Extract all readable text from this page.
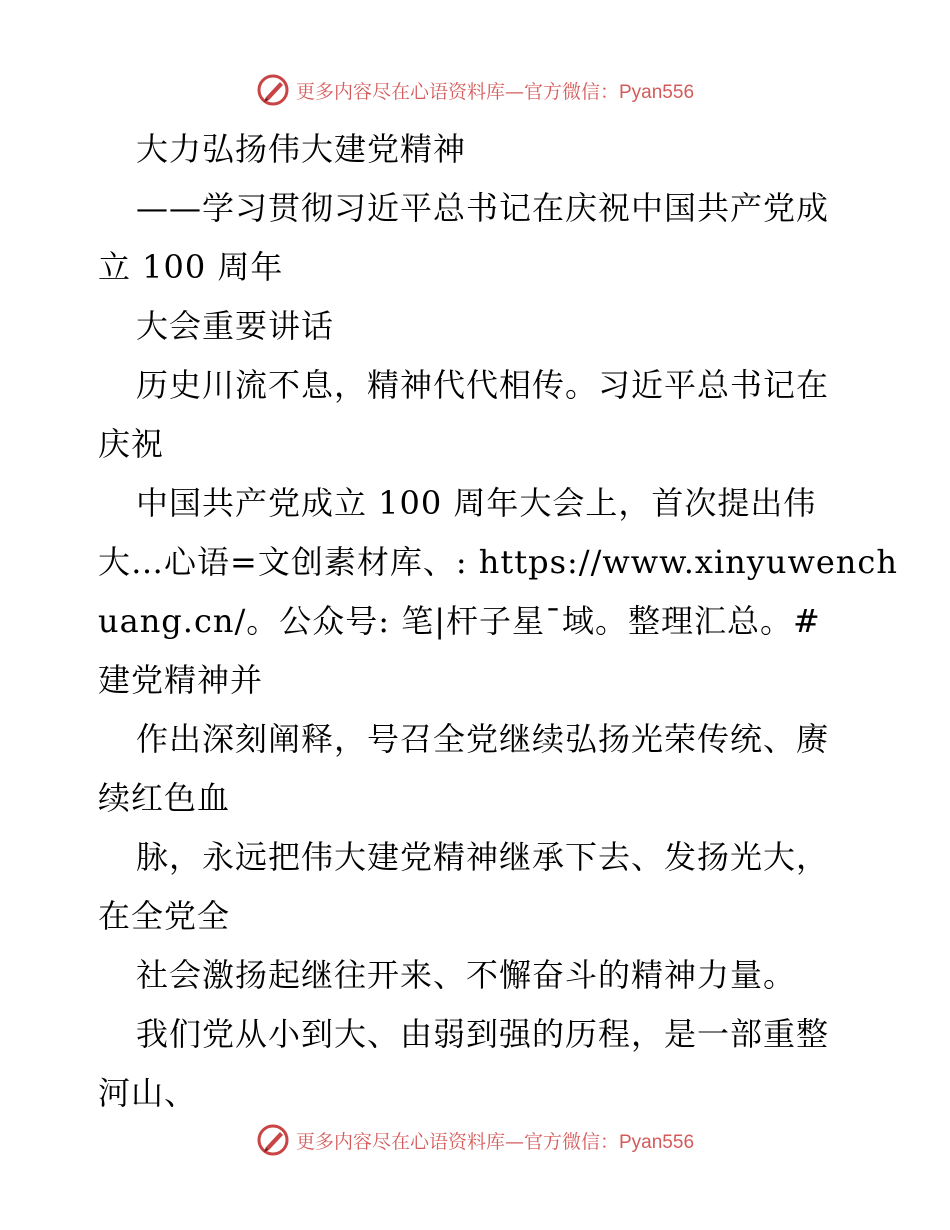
更多内容尽在心语资料库—官方微信：Pyan556
大力弘扬伟大建党精神
——学习贯彻习近平总书记在庆祝中国共产党成
立 100 周年
大会重要讲话
历史川流不息，精神代代相传。习近平总书记在
庆祝
中国共产党成立 100 周年大会上，首次提出伟
大…心语=文创素材库、: https://www.xinyuwench
uang.cn/。公众号: 笔|杆子星¯域。整理汇总。#
建党精神并
作出深刻阐释，号召全党继续弘扬光荣传统、赓
续红色血
脉，永远把伟大建党精神继承下去、发扬光大，
在全党全
社会激扬起继往开来、不懈奋斗的精神力量。
我们党从小到大、由弱到强的历程，是一部重整
河山、
更多内容尽在心语资料库—官方微信：Pyan556
